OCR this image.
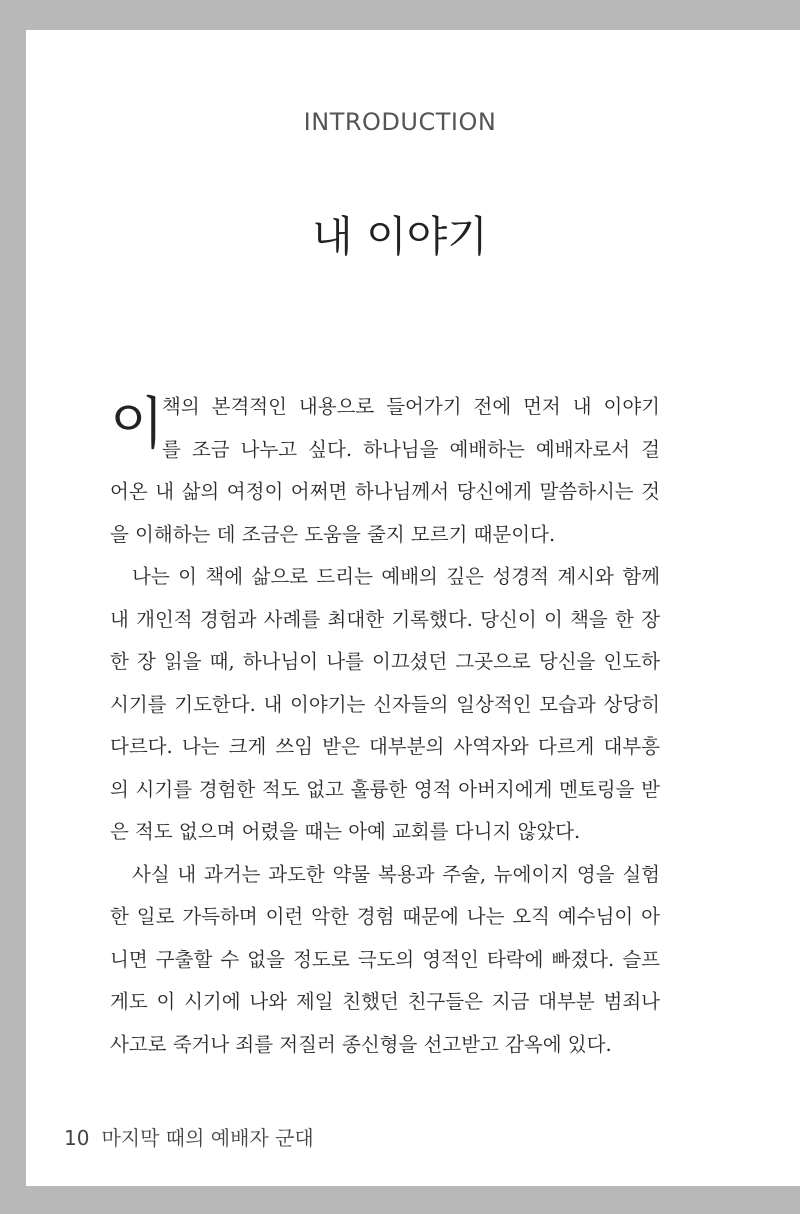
INTRODUCTION
내 이야기
이
책의 본격적인 내용으로 들어가기 전에 먼저 내 이야기
를 조금 나누고 싶다. 하나님을 예배하는 예배자로서 걸
어온 내 삶의 여정이 어쩌면 하나님께서 당신에게 말씀하시는 것
을 이해하는 데 조금은 도움을 줄지 모르기 때문이다.
나는 이 책에 삶으로 드리는 예배의 깊은 성경적 계시와 함께
내 개인적 경험과 사례를 최대한 기록했다. 당신이 이 책을 한 장
한 장 읽을 때, 하나님이 나를 이끄셨던 그곳으로 당신을 인도하
시기를 기도한다. 내 이야기는 신자들의 일상적인 모습과 상당히
다르다. 나는 크게 쓰임 받은 대부분의 사역자와 다르게 대부흥
의 시기를 경험한 적도 없고 훌륭한 영적 아버지에게 멘토링을 받
은 적도 없으며 어렸을 때는 아예 교회를 다니지 않았다.
사실 내 과거는 과도한 약물 복용과 주술, 뉴에이지 영을 실험
한 일로 가득하며 이런 악한 경험 때문에 나는 오직 예수님이 아
니면 구출할 수 없을 정도로 극도의 영적인 타락에 빠졌다. 슬프
게도 이 시기에 나와 제일 친했던 친구들은 지금 대부분 범죄나
사고로 죽거나 죄를 저질러 종신형을 선고받고 감옥에 있다.
10 마지막 때의 예배자 군대
